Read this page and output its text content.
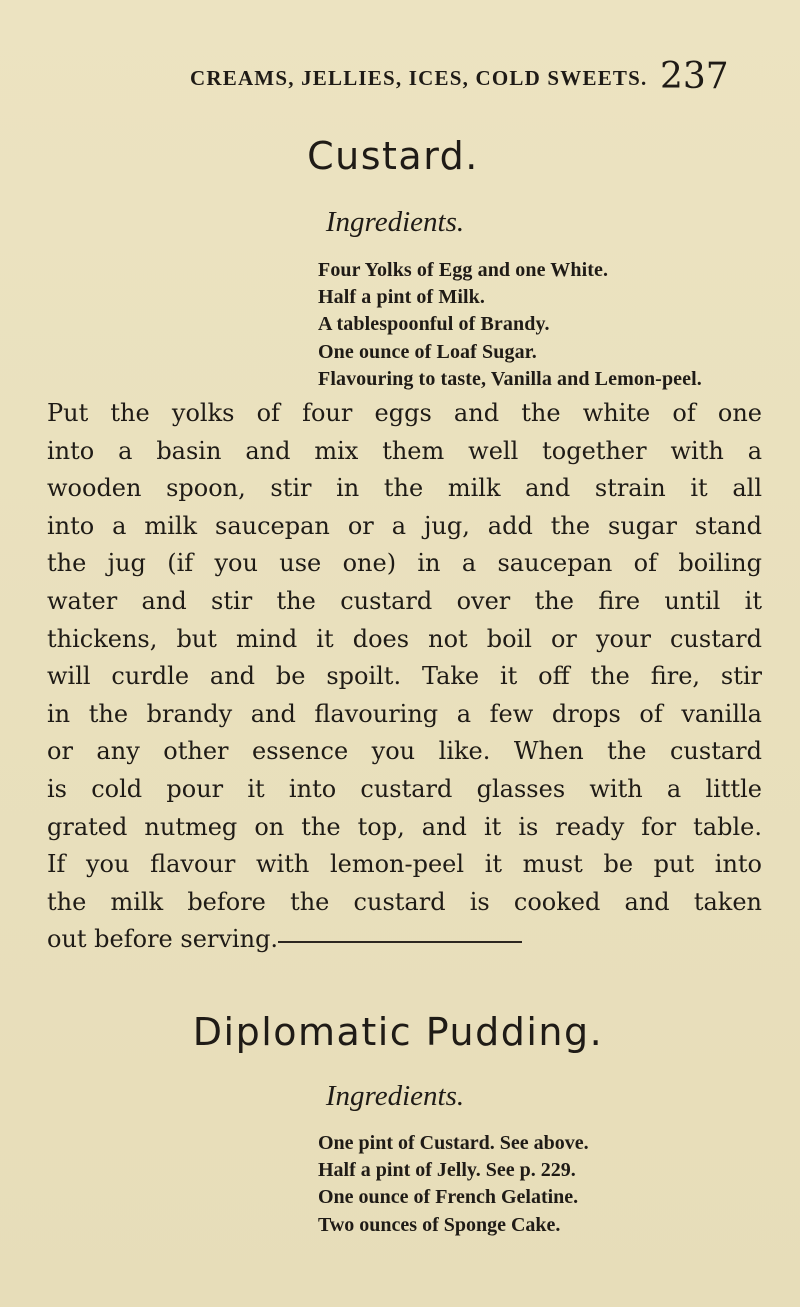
CREAMS, JELLIES, ICES, COLD SWEETS. 237
Custard.
Ingredients.
Four Yolks of Egg and one White.
Half a pint of Milk.
A tablespoonful of Brandy.
One ounce of Loaf Sugar.
Flavouring to taste, Vanilla and Lemon-peel.

Put the yolks of four eggs and the white of one
into a basin and mix them well together with a
wooden spoon, stir in the milk and strain it all
into a milk saucepan or a jug, add the sugar stand
the jug (if you use one) in a saucepan of boiling
water and stir the custard over the fire until it
thickens, but mind it does not boil or your custard
will curdle and be spoilt. Take it off the fire, stir
in the brandy and flavouring a few drops of vanilla
or any other essence you like. When the custard
is cold pour it into custard glasses with a little
grated nutmeg on the top, and it is ready for table.
If you flavour with lemon-peel it must be put into
the milk before the custard is cooked and taken
out before serving.

Diplomatic Pudding.
Ingredients.
One pint of Custard. See above.
Half a pint of Jelly. See p. 229.
One ounce of French Gelatine.
Two ounces of Sponge Cake.
